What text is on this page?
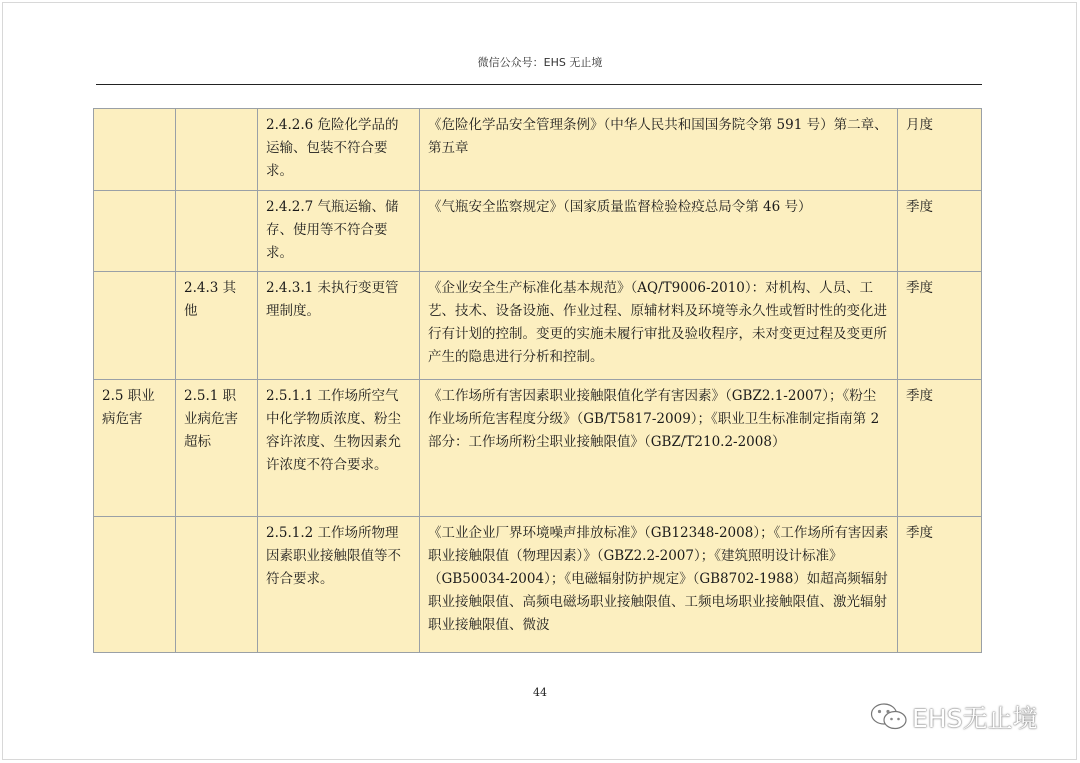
微信公众号：EHS 无止境
		2.4.2.6 危险化学品的运输、包装不符合要求。	《危险化学品安全管理条例》（中华人民共和国国务院令第 591 号）第二章、第五章	月度
		2.4.2.7 气瓶运输、储存、使用等不符合要求。	《气瓶安全监察规定》（国家质量监督检验检疫总局令第 46 号）	季度
	2.4.3 其他	2.4.3.1 未执行变更管理制度。	《企业安全生产标准化基本规范》（AQ/T9006-2010）：对机构、人员、工艺、技术、设备设施、作业过程、原辅材料及环境等永久性或暂时性的变化进行有计划的控制。变更的实施未履行审批及验收程序，未对变更过程及变更所产生的隐患进行分析和控制。	季度
2.5 职业病危害	2.5.1 职业病危害超标	2.5.1.1 工作场所空气中化学物质浓度、粉尘容许浓度、生物因素允许浓度不符合要求。	《工作场所有害因素职业接触限值化学有害因素》（GBZ2.1-2007）；《粉尘作业场所危害程度分级》（GB/T5817-2009）；《职业卫生标准制定指南第 2 部分：工作场所粉尘职业接触限值》（GBZ/T210.2-2008）	季度
		2.5.1.2 工作场所物理因素职业接触限值等不符合要求。	《工业企业厂界环境噪声排放标准》（GB12348-2008）；《工作场所有害因素职业接触限值（物理因素）》（GBZ2.2-2007）；《建筑照明设计标准》（GB50034-2004）；《电磁辐射防护规定》（GB8702-1988）如超高频辐射职业接触限值、高频电磁场职业接触限值、工频电场职业接触限值、激光辐射职业接触限值、微波	季度
44
EHS无止境
